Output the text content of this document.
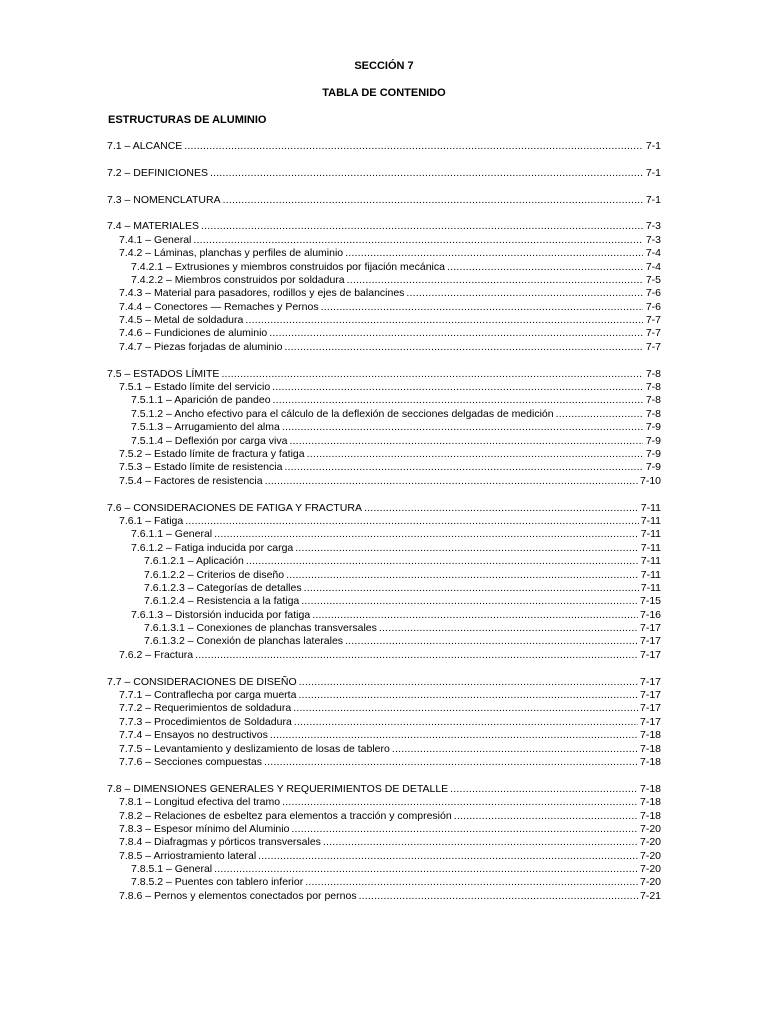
SECCIÓN 7
TABLA DE CONTENIDO
ESTRUCTURAS DE ALUMINIO
7.1 – ALCANCE .....	7-1
7.2 – DEFINICIONES .....	7-1
7.3 – NOMENCLATURA .....	7-1
7.4 – MATERIALES .....	7-3
7.4.1 – General .....	7-3
7.4.2 – Láminas, planchas y perfiles de aluminio .....	7-4
7.4.2.1 – Extrusiones y miembros construidos por fijación mecánica .....	7-4
7.4.2.2 – Miembros construidos por soldadura .....	7-5
7.4.3 – Material para pasadores, rodillos y ejes de balancines .....	7-6
7.4.4 – Conectores — Remaches y Pernos .....	7-6
7.4.5 – Metal de soldadura .....	7-7
7.4.6 – Fundiciones de aluminio .....	7-7
7.4.7 – Piezas forjadas de aluminio .....	7-7
7.5 – ESTADOS LÍMITE .....	7-8
7.5.1 – Estado límite del servicio .....	7-8
7.5.1.1 – Aparición de pandeo .....	7-8
7.5.1.2 – Ancho efectivo para el cálculo de la deflexión de secciones delgadas de medición .....	7-8
7.5.1.3 – Arrugamiento del alma .....	7-9
7.5.1.4 – Deflexión por carga viva .....	7-9
7.5.2 – Estado límite de fractura y fatiga .....	7-9
7.5.3 – Estado límite de resistencia .....	7-9
7.5.4 – Factores de resistencia .....	7-10
7.6 – CONSIDERACIONES DE FATIGA Y FRACTURA .....	7-11
7.6.1 – Fatiga .....	7-11
7.6.1.1 – General .....	7-11
7.6.1.2 – Fatiga inducida por carga .....	7-11
7.6.1.2.1 – Aplicación .....	7-11
7.6.1.2.2 – Criterios de diseño .....	7-11
7.6.1.2.3 – Categorías de detalles .....	7-11
7.6.1.2.4 – Resistencia a la fatiga .....	7-15
7.6.1.3 – Distorsión inducida por fatiga .....	7-16
7.6.1.3.1 – Conexiones de planchas transversales .....	7-17
7.6.1.3.2 – Conexión de planchas laterales .....	7-17
7.6.2 – Fractura .....	7-17
7.7 – CONSIDERACIONES DE DISEÑO .....	7-17
7.7.1 – Contraflecha por carga muerta .....	7-17
7.7.2 – Requerimientos de soldadura .....	7-17
7.7.3 – Procedimientos de Soldadura .....	7-17
7.7.4 – Ensayos no destructivos .....	7-18
7.7.5 – Levantamiento y deslizamiento de losas de tablero .....	7-18
7.7.6 – Secciones compuestas .....	7-18
7.8 – DIMENSIONES GENERALES Y REQUERIMIENTOS DE DETALLE .....	7-18
7.8.1 – Longitud efectiva del tramo .....	7-18
7.8.2 – Relaciones de esbeltez para elementos a tracción y compresión .....	7-18
7.8.3 – Espesor mínimo del Aluminio .....	7-20
7.8.4 – Diafragmas y pórticos transversales .....	7-20
7.8.5 – Arriostramiento lateral .....	7-20
7.8.5.1 – General .....	7-20
7.8.5.2 – Puentes con tablero inferior .....	7-20
7.8.6 – Pernos y elementos conectados por pernos .....	7-21
